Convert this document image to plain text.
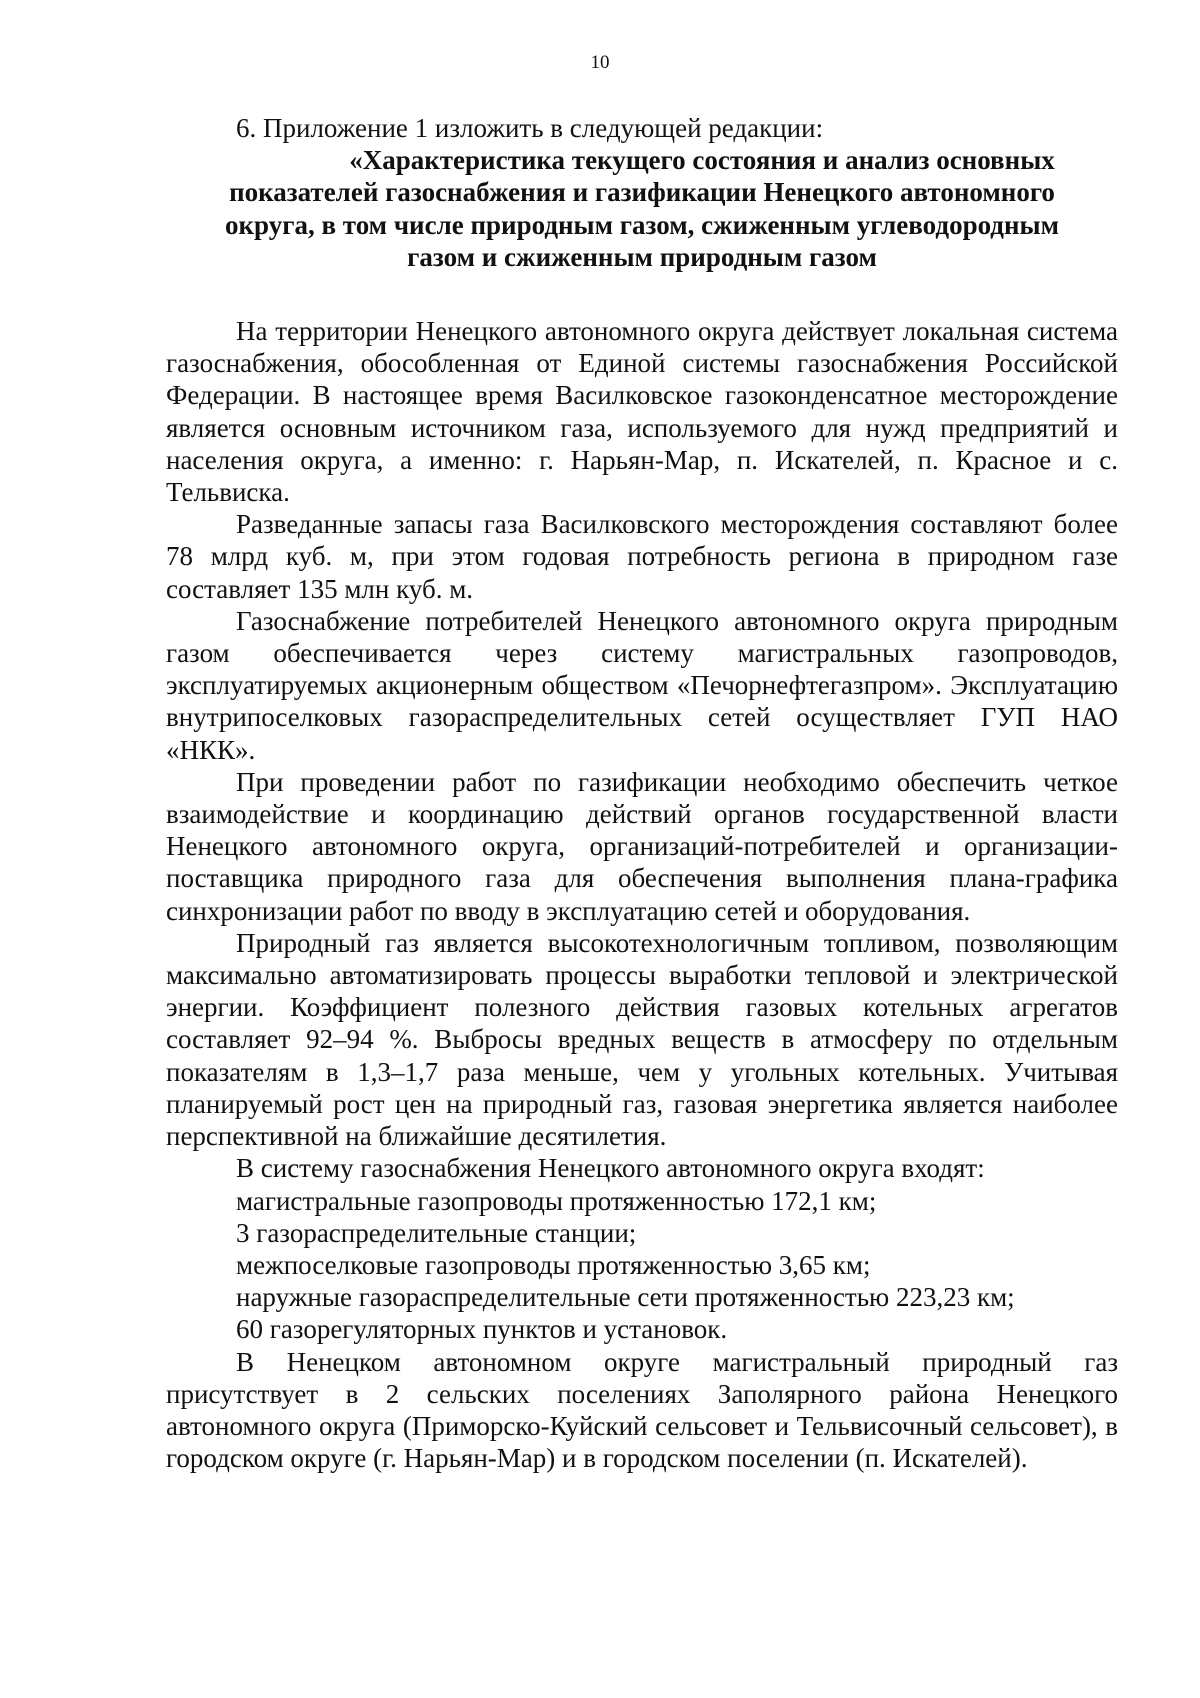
10

6. Приложение 1 изложить в следующей редакции:

«Характеристика текущего состояния и анализ основных
показателей газоснабжения и газификации Ненецкого автономного
округа, в том числе природным газом, сжиженным углеводородным
газом и сжиженным природным газом

На территории Ненецкого автономного округа действует локальная система газоснабжения, обособленная от Единой системы газоснабжения Российской Федерации. В настоящее время Василковское газоконденсатное месторождение является основным источником газа, используемого для нужд предприятий и населения округа, а именно: г. Нарьян-Мар, п. Искателей, п. Красное и с. Тельвиска.

Разведанные запасы газа Василковского месторождения составляют более 78 млрд куб. м, при этом годовая потребность региона в природном газе составляет 135 млн куб. м.

Газоснабжение потребителей Ненецкого автономного округа природным газом обеспечивается через систему магистральных газопроводов, эксплуатируемых акционерным обществом «Печорнефтегазпром». Эксплуатацию внутрипоселковых газораспределительных сетей осуществляет ГУП НАО «НКК».

При проведении работ по газификации необходимо обеспечить четкое взаимодействие и координацию действий органов государственной власти Ненецкого автономного округа, организаций-потребителей и организации-поставщика природного газа для обеспечения выполнения плана-графика синхронизации работ по вводу в эксплуатацию сетей и оборудования.

Природный газ является высокотехнологичным топливом, позволяющим максимально автоматизировать процессы выработки тепловой и электрической энергии. Коэффициент полезного действия газовых котельных агрегатов составляет 92–94 %. Выбросы вредных веществ в атмосферу по отдельным показателям в 1,3–1,7 раза меньше, чем у угольных котельных. Учитывая планируемый рост цен на природный газ, газовая энергетика является наиболее перспективной на ближайшие десятилетия.

В систему газоснабжения Ненецкого автономного округа входят:

магистральные газопроводы протяженностью 172,1 км;

3 газораспределительные станции;

межпоселковые газопроводы протяженностью 3,65 км;

наружные газораспределительные сети протяженностью 223,23 км;

60 газорегуляторных пунктов и установок.

В Ненецком автономном округе магистральный природный газ присутствует в 2 сельских поселениях Заполярного района Ненецкого автономного округа (Приморско-Куйский сельсовет и Тельвисочный сельсовет), в городском округе (г. Нарьян-Мар) и в городском поселении (п. Искателей).
